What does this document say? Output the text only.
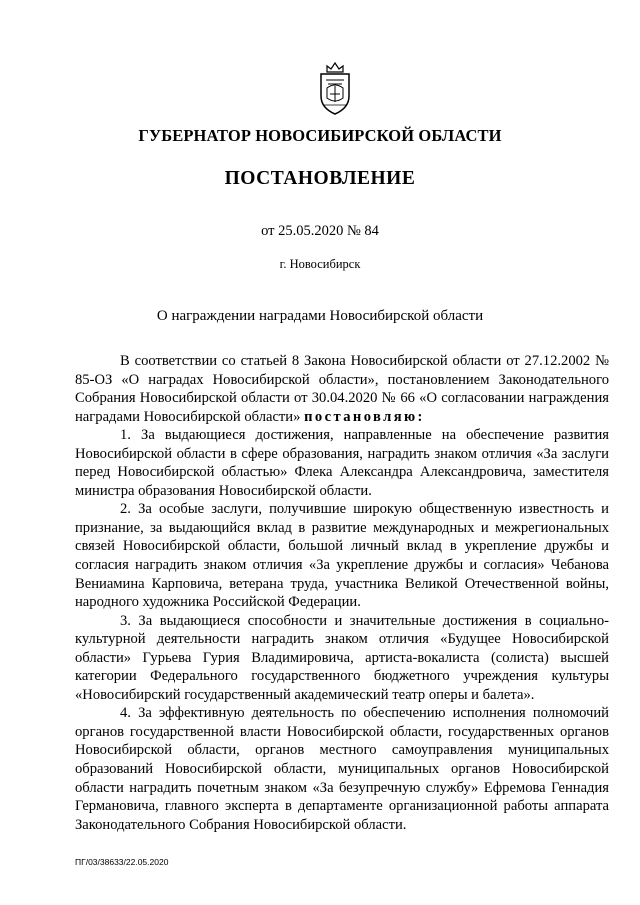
ГУБЕРНАТОР НОВОСИБИРСКОЙ ОБЛАСТИ
ПОСТАНОВЛЕНИЕ
от 25.05.2020 № 84
г. Новосибирск
О награждении наградами Новосибирской области

В соответствии со статьей 8 Закона Новосибирской области от 27.12.2002 № 85-ОЗ «О наградах Новосибирской области», постановлением Законодательного Собрания Новосибирской области от 30.04.2020 № 66 «О согласовании награждения наградами Новосибирской области» постановляю:

1. За выдающиеся достижения, направленные на обеспечение развития Новосибирской области в сфере образования, наградить знаком отличия «За заслуги перед Новосибирской областью» Флека Александра Александровича, заместителя министра образования Новосибирской области.

2. За особые заслуги, получившие широкую общественную известность и признание, за выдающийся вклад в развитие международных и межрегиональных связей Новосибирской области, большой личный вклад в укрепление дружбы и согласия наградить знаком отличия «За укрепление дружбы и согласия» Чебанова Вениамина Карповича, ветерана труда, участника Великой Отечественной войны, народного художника Российской Федерации.

3. За выдающиеся способности и значительные достижения в социально-культурной деятельности наградить знаком отличия «Будущее Новосибирской области» Гурьева Гурия Владимировича, артиста-вокалиста (солиста) высшей категории Федерального государственного бюджетного учреждения культуры «Новосибирский государственный академический театр оперы и балета».

4. За эффективную деятельность по обеспечению исполнения полномочий органов государственной власти Новосибирской области, государственных органов Новосибирской области, органов местного самоуправления муниципальных образований Новосибирской области, муниципальных органов Новосибирской области наградить почетным знаком «За безупречную службу» Ефремова Геннадия Германовича, главного эксперта в департаменте организационной работы аппарата Законодательного Собрания Новосибирской области.

ПГ/03/38633/22.05.2020
